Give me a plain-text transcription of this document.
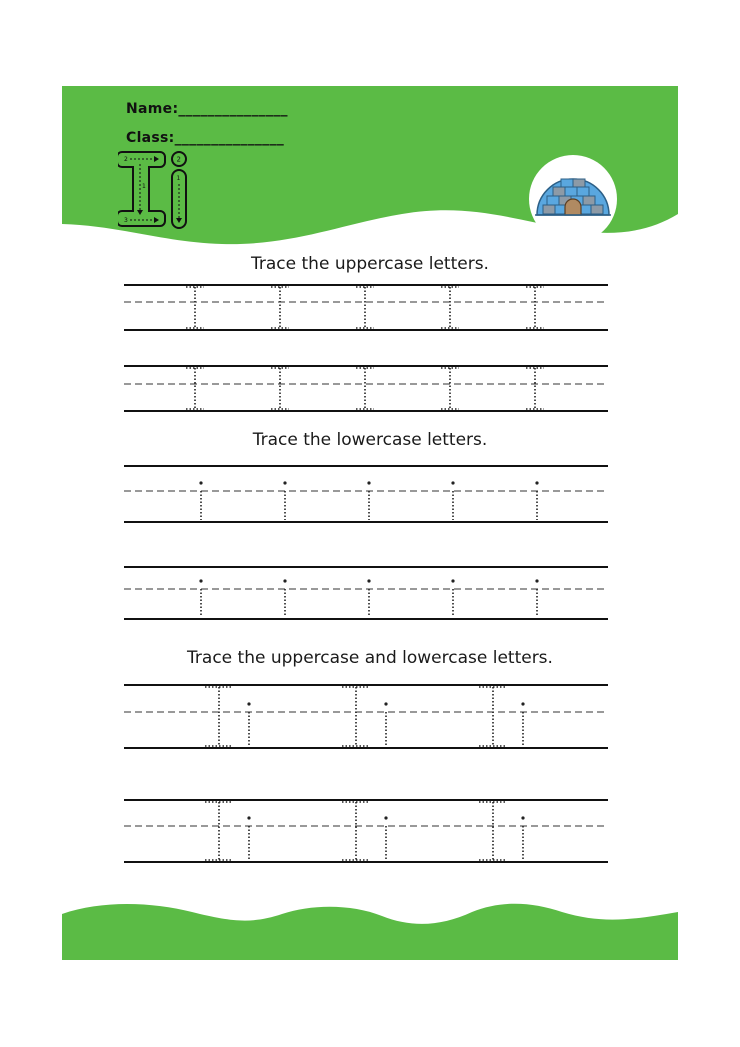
Name:_______________
Class:_______________
2
1
3
2
1
Trace the uppercase letters.
Trace the lowercase letters.
Trace the uppercase and lowercase letters.
